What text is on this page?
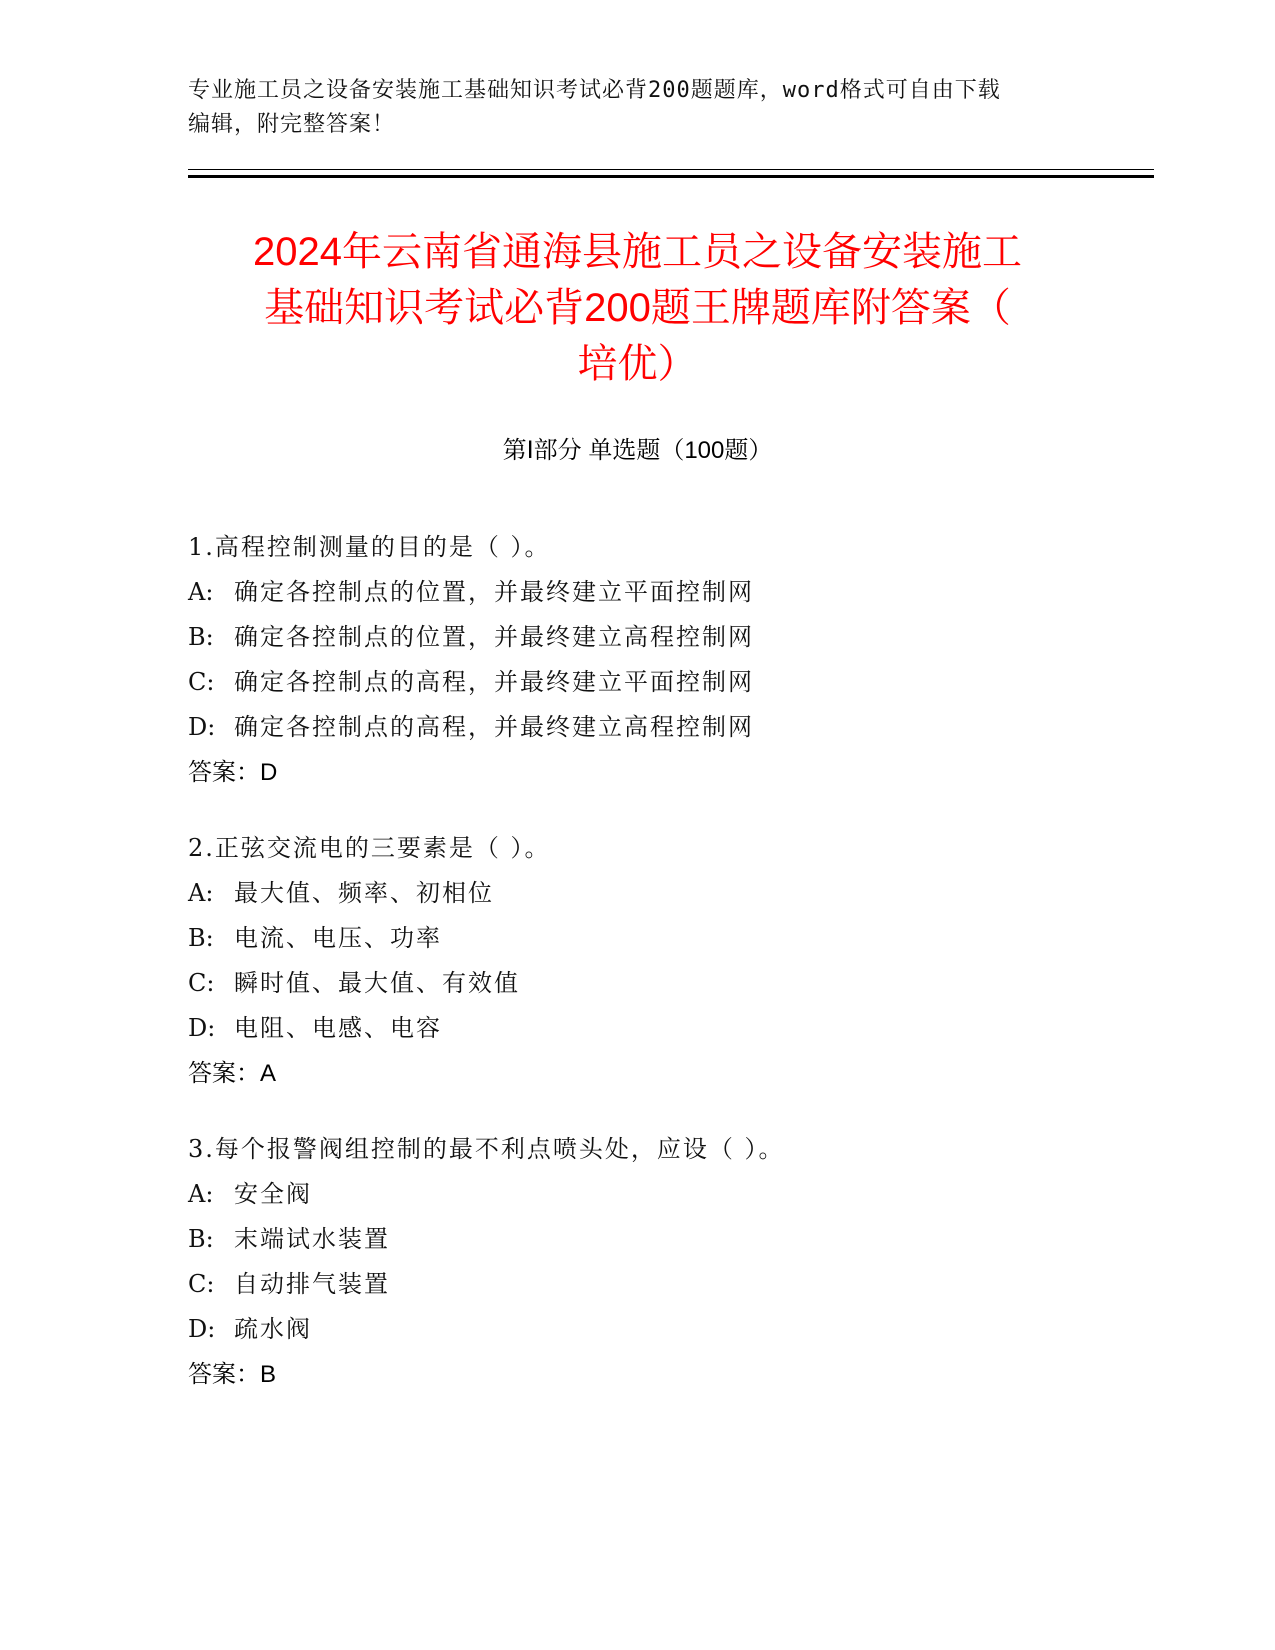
专业施工员之设备安装施工基础知识考试必背200题题库，word格式可自由下载
编辑，附完整答案！
2024年云南省通海县施工员之设备安装施工
基础知识考试必背200题王牌题库附答案（
培优）
第Ⅰ部分 单选题（100题）
1.高程控制测量的目的是（ ）。
A: 确定各控制点的位置，并最终建立平面控制网
B: 确定各控制点的位置，并最终建立高程控制网
C: 确定各控制点的高程，并最终建立平面控制网
D: 确定各控制点的高程，并最终建立高程控制网
答案：D
2.正弦交流电的三要素是（ ）。
A: 最大值、频率、初相位
B: 电流、电压、功率
C: 瞬时值、最大值、有效值
D: 电阻、电感、电容
答案：A
3.每个报警阀组控制的最不利点喷头处，应设（ ）。
A: 安全阀
B: 末端试水装置
C: 自动排气装置
D: 疏水阀
答案：B
